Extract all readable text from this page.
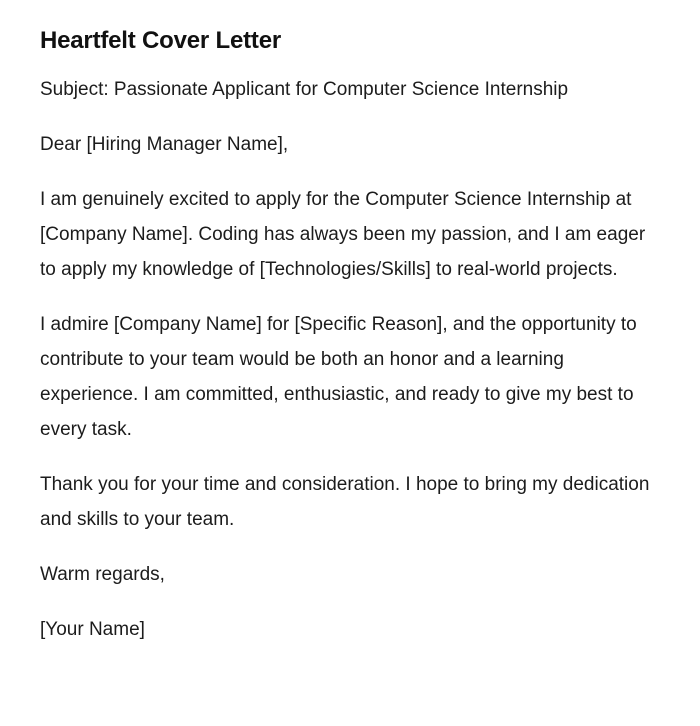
Heartfelt Cover Letter

Subject: Passionate Applicant for Computer Science Internship

Dear [Hiring Manager Name],

I am genuinely excited to apply for the Computer Science Internship at [Company Name]. Coding has always been my passion, and I am eager to apply my knowledge of [Technologies/Skills] to real-world projects.

I admire [Company Name] for [Specific Reason], and the opportunity to contribute to your team would be both an honor and a learning experience. I am committed, enthusiastic, and ready to give my best to every task.

Thank you for your time and consideration. I hope to bring my dedication and skills to your team.

Warm regards,

[Your Name]
